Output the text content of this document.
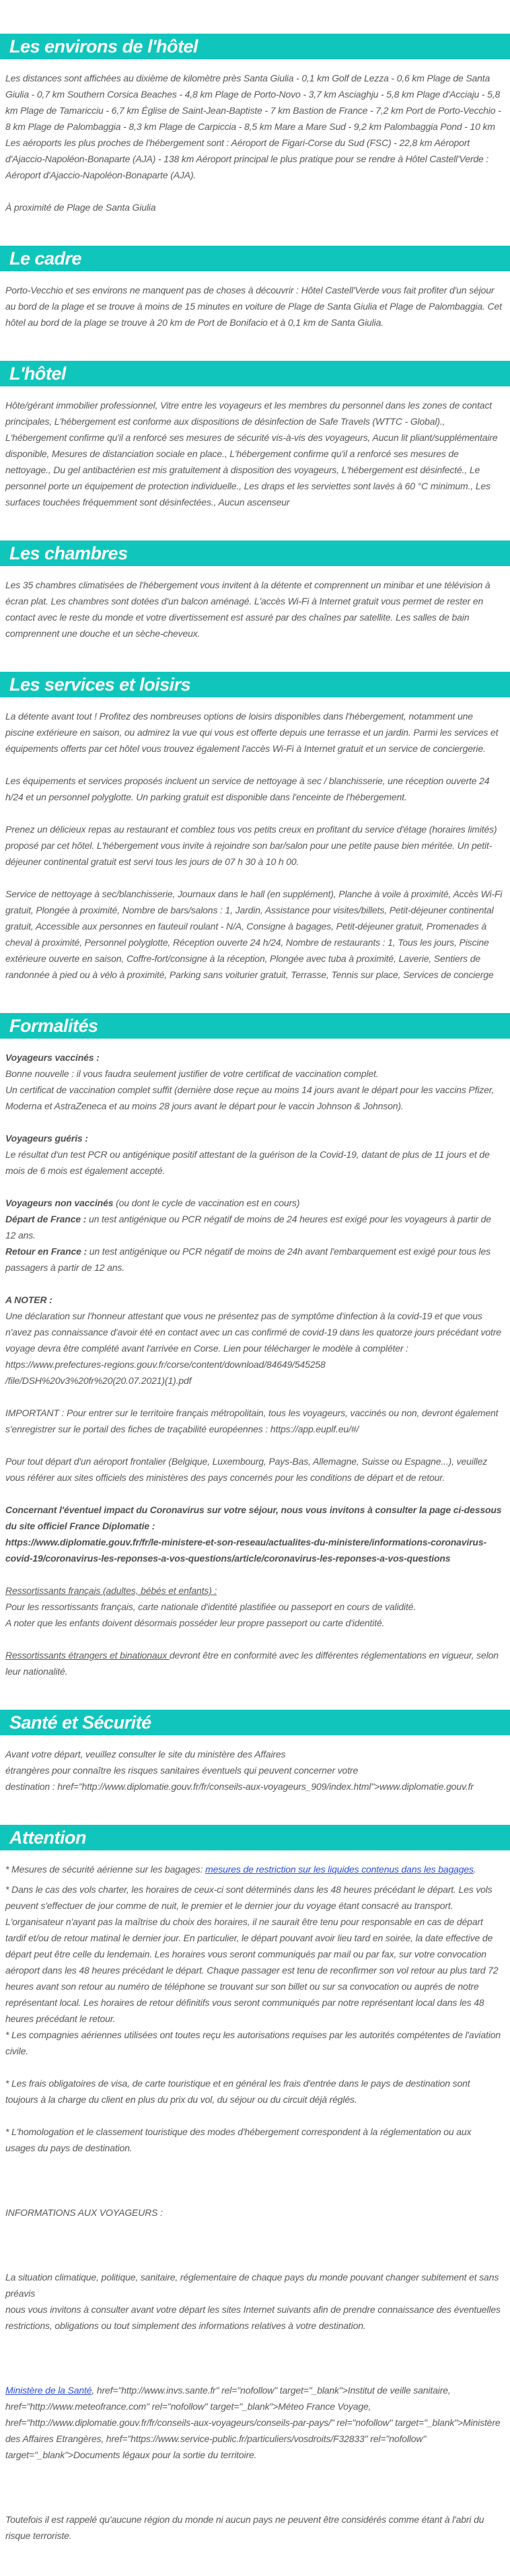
Les environs de l'hôtel

Les distances sont affichées au dixième de kilomètre près Santa Giulia - 0,1 km Golf de Lezza - 0,6 km Plage de Santa Giulia - 0,7 km Southern Corsica Beaches - 4,8 km Plage de Porto-Novo - 3,7 km Asciaghju - 5,8 km Plage d'Acciaju - 5,8 km Plage de Tamaricciu - 6,7 km Église de Saint-Jean-Baptiste - 7 km Bastion de France - 7,2 km Port de Porto-Vecchio - 8 km Plage de Palombaggia - 8,3 km Plage de Carpiccia - 8,5 km Mare a Mare Sud - 9,2 km Palombaggia Pond - 10 km Les aéroports les plus proches de l'hébergement sont : Aéroport de Figari-Corse du Sud (FSC) - 22,8 km Aéroport d'Ajaccio-Napoléon-Bonaparte (AJA) - 138 km Aéroport principal le plus pratique pour se rendre à Hôtel Castell'Verde : Aéroport d'Ajaccio-Napoléon-Bonaparte (AJA).

À proximité de Plage de Santa Giulia

Le cadre

Porto-Vecchio et ses environs ne manquent pas de choses à découvrir : Hôtel Castell'Verde vous fait profiter d'un séjour au bord de la plage et se trouve à moins de 15 minutes en voiture de Plage de Santa Giulia et Plage de Palombaggia. Cet hôtel au bord de la plage se trouve à 20 km de Port de Bonifacio et à 0,1 km de Santa Giulia.

L'hôtel

Hôte/gérant immobilier professionnel, Vitre entre les voyageurs et les membres du personnel dans les zones de contact principales, L'hébergement est conforme aux dispositions de désinfection de Safe Travels (WTTC - Global)., L'hébergement confirme qu'il a renforcé ses mesures de sécurité vis-à-vis des voyageurs, Aucun lit pliant/supplémentaire disponible, Mesures de distanciation sociale en place., L'hébergement confirme qu'il a renforcé ses mesures de nettoyage., Du gel antibactérien est mis gratuitement à disposition des voyageurs, L'hébergement est désinfecté., Le personnel porte un équipement de protection individuelle., Les draps et les serviettes sont lavés à 60 °C minimum., Les surfaces touchées fréquemment sont désinfectées., Aucun ascenseur

Les chambres

Les 35 chambres climatisées de l'hébergement vous invitent à la détente et comprennent un minibar et une télévision à écran plat. Les chambres sont dotées d'un balcon aménagé. L'accès Wi-Fi à Internet gratuit vous permet de rester en contact avec le reste du monde et votre divertissement est assuré par des chaînes par satellite. Les salles de bain comprennent une douche et un sèche-cheveux.

Les services et loisirs

La détente avant tout ! Profitez des nombreuses options de loisirs disponibles dans l'hébergement, notamment une piscine extérieure en saison, ou admirez la vue qui vous est offerte depuis une terrasse et un jardin. Parmi les services et équipements offerts par cet hôtel vous trouvez également l'accès Wi-Fi à Internet gratuit et un service de conciergerie.

Les équipements et services proposés incluent un service de nettoyage à sec / blanchisserie, une réception ouverte 24 h/24 et un personnel polyglotte. Un parking gratuit est disponible dans l'enceinte de l'hébergement.

Prenez un délicieux repas au restaurant et comblez tous vos petits creux en profitant du service d'étage (horaires limités) proposé par cet hôtel. L'hébergement vous invite à rejoindre son bar/salon pour une petite pause bien méritée. Un petit-déjeuner continental gratuit est servi tous les jours de 07 h 30 à 10 h 00.

Service de nettoyage à sec/blanchisserie, Journaux dans le hall (en supplément), Planche à voile à proximité, Accès Wi-Fi gratuit, Plongée à proximité, Nombre de bars/salons : 1, Jardin, Assistance pour visites/billets, Petit-déjeuner continental gratuit, Accessible aux personnes en fauteuil roulant - N/A, Consigne à bagages, Petit-déjeuner gratuit, Promenades à cheval à proximité, Personnel polyglotte, Réception ouverte 24 h/24, Nombre de restaurants : 1, Tous les jours, Piscine extérieure ouverte en saison, Coffre-fort/consigne à la réception, Plongée avec tuba à proximité, Laverie, Sentiers de randonnée à pied ou à vélo à proximité, Parking sans voiturier gratuit, Terrasse, Tennis sur place, Services de concierge

Formalités
Voyageurs vaccinés :
Bonne nouvelle : il vous faudra seulement justifier de votre certificat de vaccination complet.
Un certificat de vaccination complet suffit (dernière dose reçue au moins 14 jours avant le départ pour les vaccins Pfizer, Moderna et AstraZeneca et au moins 28 jours avant le départ pour le vaccin Johnson & Johnson).
Voyageurs guéris :
Le résultat d'un test PCR ou antigénique positif attestant de la guérison de la Covid-19, datant de plus de 11 jours et de mois de 6 mois est également accepté.
Voyageurs non vaccinés (ou dont le cycle de vaccination est en cours)
Départ de France : un test antigénique ou PCR négatif de moins de 24 heures est exigé pour les voyageurs à partir de 12 ans.
Retour en France : un test antigénique ou PCR négatif de moins de 24h avant l'embarquement est exigé pour tous les passagers à partir de 12 ans.
A NOTER :
Une déclaration sur l'honneur attestant que vous ne présentez pas de symptôme d'infection à la covid-19 et que vous n'avez pas connaissance d'avoir été en contact avec un cas confirmé de covid-19 dans les quatorze jours précédant votre voyage devra être complété avant l'arrivée en Corse. Lien pour télécharger le modèle à compléter :
https://www.prefectures-regions.gouv.fr/corse/content/download/84649/545258
/file/DSH%20v3%20fr%20(20.07.2021)(1).pdf

IMPORTANT : Pour entrer sur le territoire français métropolitain, tous les voyageurs, vaccinés ou non, devront également s'enregistrer sur le portail des fiches de traçabilité européennes : https://app.euplf.eu/#/

Pour tout départ d'un aéroport frontalier (Belgique, Luxembourg, Pays-Bas, Allemagne, Suisse ou Espagne...), veuillez vous référer aux sites officiels des ministères des pays concernés pour les conditions de départ et de retour.

Concernant l'éventuel impact du Coronavirus sur votre séjour, nous vous invitons à consulter la page ci-dessous du site officiel France Diplomatie :
https://www.diplomatie.gouv.fr/fr/le-ministere-et-son-reseau/actualites-du-ministere/informations-coronavirus-covid-19/coronavirus-les-reponses-a-vos-questions/article/coronavirus-les-reponses-a-vos-questions
Ressortissants français (adultes, bébés et enfants) :
Pour les ressortissants français, carte nationale d'identité plastifiée ou passeport en cours de validité.
A noter que les enfants doivent désormais posséder leur propre passeport ou carte d'identité.

Ressortissants étrangers et binationaux devront être en conformité avec les différentes réglementations en vigueur, selon leur nationalité.

Santé et Sécurité
Avant votre départ, veuillez consulter le site du ministère des Affaires
étrangères pour connaître les risques sanitaires éventuels qui peuvent concerner votre
destination : href="http://www.diplomatie.gouv.fr/fr/conseils-aux-voyageurs_909/index.html">www.diplomatie.gouv.fr
Attention

* Mesures de sécurité aérienne sur les bagages: mesures de restriction sur les liquides contenus dans les bagages.

* Dans le cas des vols charter, les horaires de ceux-ci sont déterminés dans les 48 heures précédant le départ. Les vols peuvent s'effectuer de jour comme de nuit, le premier et le dernier jour du voyage étant consacré au transport. L'organisateur n'ayant pas la maîtrise du choix des horaires, il ne saurait être tenu pour responsable en cas de départ tardif et/ou de retour matinal le dernier jour. En particulier, le départ pouvant avoir lieu tard en soirée, la date effective de départ peut être celle du lendemain. Les horaires vous seront communiqués par mail ou par fax, sur votre convocation aéroport dans les 48 heures précédant le départ. Chaque passager est tenu de reconfirmer son vol retour au plus tard 72 heures avant son retour au numéro de téléphone se trouvant sur son billet ou sur sa convocation ou auprés de notre représentant local. Les horaires de retour définitifs vous seront communiqués par notre représentant local dans les 48 heures précédant le retour.

* Les compagnies aériennes utilisées ont toutes reçu les autorisations requises par les autorités compétentes de l'aviation civile.

* Les frais obligatoires de visa, de carte touristique et en général les frais d'entrée dans le pays de destination sont toujours à la charge du client en plus du prix du vol, du séjour ou du circuit déjà réglés.

* L'homologation et le classement touristique des modes d'hébergement correspondent à la réglementation ou aux usages du pays de destination.

INFORMATIONS AUX VOYAGEURS :

La situation climatique, politique, sanitaire, réglementaire de chaque pays du monde pouvant changer subitement et sans préavis
nous vous invitons à consulter avant votre départ les sites Internet suivants afin de prendre connaissance des éventuelles restrictions, obligations ou tout simplement des informations relatives à votre destination.

Ministère de la Santé, href="http://www.invs.sante.fr" rel="nofollow" target="_blank">Institut de veille sanitaire, href="http://www.meteofrance.com" rel="nofollow" target="_blank">Méteo France Voyage, href="http://www.diplomatie.gouv.fr/fr/conseils-aux-voyageurs/conseils-par-pays/" rel="nofollow" target="_blank">Ministère des Affaires Etrangères, href="https://www.service-public.fr/particuliers/vosdroits/F32833" rel="nofollow" target="_blank">Documents légaux pour la sortie du territoire.

Toutefois il est rappelé qu'aucune région du monde ni aucun pays ne peuvent être considérés comme étant à l'abri du risque terroriste.
